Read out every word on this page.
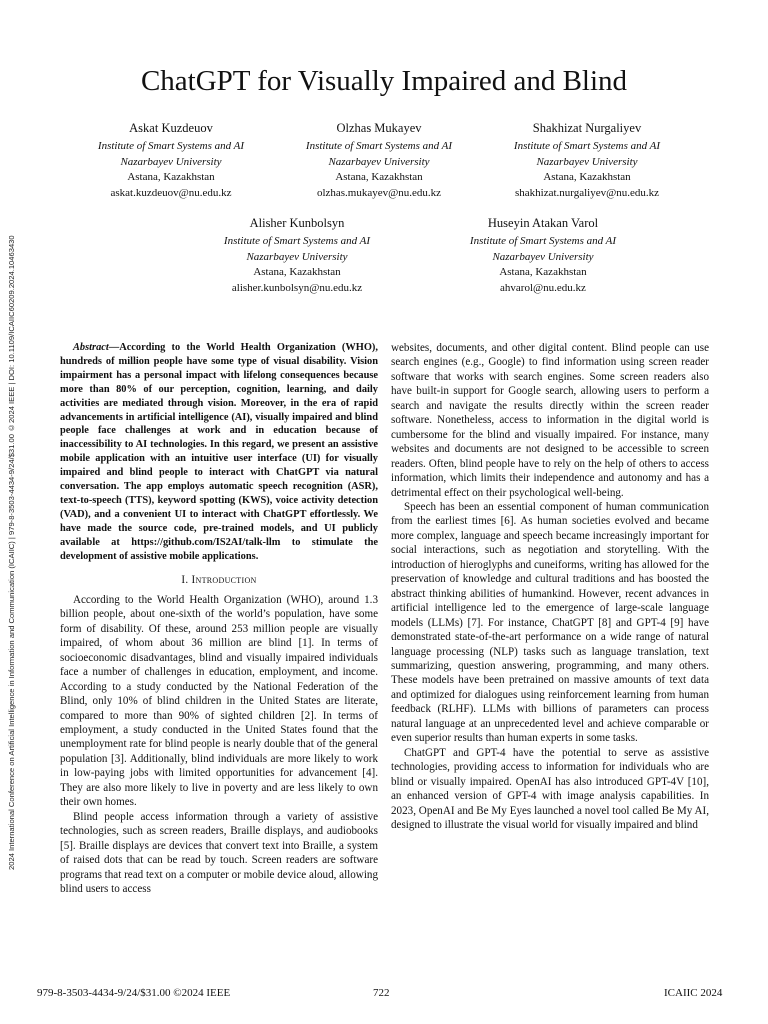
2024 International Conference on Artificial Intelligence in Information and Communication (ICAIIC) | 979-8-3503-4434-9/24/$31.00 ©2024 IEEE | DOI: 10.1109/ICAIIC60209.2024.10463430
ChatGPT for Visually Impaired and Blind
Askat Kuzdeuov
Institute of Smart Systems and AI
Nazarbayev University
Astana, Kazakhstan
askat.kuzdeuov@nu.edu.kz
Olzhas Mukayev
Institute of Smart Systems and AI
Nazarbayev University
Astana, Kazakhstan
olzhas.mukayev@nu.edu.kz
Shakhizat Nurgaliyev
Institute of Smart Systems and AI
Nazarbayev University
Astana, Kazakhstan
shakhizat.nurgaliyev@nu.edu.kz
Alisher Kunbolsyn
Institute of Smart Systems and AI
Nazarbayev University
Astana, Kazakhstan
alisher.kunbolsyn@nu.edu.kz
Huseyin Atakan Varol
Institute of Smart Systems and AI
Nazarbayev University
Astana, Kazakhstan
ahvarol@nu.edu.kz

Abstract—According to the World Health Organization (WHO), hundreds of million people have some type of visual disability. Vision impairment has a personal impact with lifelong consequences because more than 80% of our perception, cognition, learning, and daily activities are mediated through vision. Moreover, in the era of rapid advancements in artificial intelligence (AI), visually impaired and blind people face challenges at work and in education because of inaccessibility to AI technologies. In this regard, we present an assistive mobile application with an intuitive user interface (UI) for visually impaired and blind people to interact with ChatGPT via natural conversation. The app employs automatic speech recognition (ASR), text-to-speech (TTS), keyword spotting (KWS), voice activity detection (VAD), and a convenient UI to interact with ChatGPT effortlessly. We have made the source code, pre-trained models, and UI publicly available at https://github.com/IS2AI/talk-llm to stimulate the development of assistive mobile applications.

I. Introduction

According to the World Health Organization (WHO), around 1.3 billion people, about one-sixth of the world’s population, have some form of disability. Of these, around 253 million people are visually impaired, of whom about 36 million are blind [1]. In terms of socioeconomic disadvantages, blind and visually impaired individuals face a number of challenges in education, employment, and income. According to a study conducted by the National Federation of the Blind, only 10% of blind children in the United States are literate, compared to more than 90% of sighted children [2]. In terms of employment, a study conducted in the United States found that the unemployment rate for blind people is nearly double that of the general population [3]. Additionally, blind individuals are more likely to work in low-paying jobs with limited opportunities for advancement [4]. They are also more likely to live in poverty and are less likely to own their own homes.

Blind people access information through a variety of assistive technologies, such as screen readers, Braille displays, and audiobooks [5]. Braille displays are devices that convert text into Braille, a system of raised dots that can be read by touch. Screen readers are software programs that read text on a computer or mobile device aloud, allowing blind users to access

websites, documents, and other digital content. Blind people can use search engines (e.g., Google) to find information using screen reader software that works with search engines. Some screen readers also have built-in support for Google search, allowing users to perform a search and navigate the results directly within the screen reader software. Nonetheless, access to information in the digital world is cumbersome for the blind and visually impaired. For instance, many websites and documents are not designed to be accessible to screen readers. Often, blind people have to rely on the help of others to access information, which limits their independence and autonomy and has a detrimental effect on their psychological well-being.

Speech has been an essential component of human communication from the earliest times [6]. As human societies evolved and became more complex, language and speech became increasingly important for social interactions, such as negotiation and storytelling. With the introduction of hieroglyphs and cuneiforms, writing has allowed for the preservation of knowledge and cultural traditions and has boosted the abstract thinking abilities of humankind. However, recent advances in artificial intelligence led to the emergence of large-scale language models (LLMs) [7]. For instance, ChatGPT [8] and GPT-4 [9] have demonstrated state-of-the-art performance on a wide range of natural language processing (NLP) tasks such as language translation, text summarizing, question answering, programming, and many others. These models have been pretrained on massive amounts of text data and optimized for dialogues using reinforcement learning from human feedback (RLHF). LLMs with billions of parameters can process natural language at an unprecedented level and achieve comparable or even superior results than human experts in some tasks.

ChatGPT and GPT-4 have the potential to serve as assistive technologies, providing access to information for individuals who are blind or visually impaired. OpenAI has also introduced GPT-4V [10], an enhanced version of GPT-4 with image analysis capabilities. In 2023, OpenAI and Be My Eyes launched a novel tool called Be My AI, designed to illustrate the visual world for visually impaired and blind

979-8-3503-4434-9/24/$31.00 ©2024 IEEE	722	ICAIIC 2024
